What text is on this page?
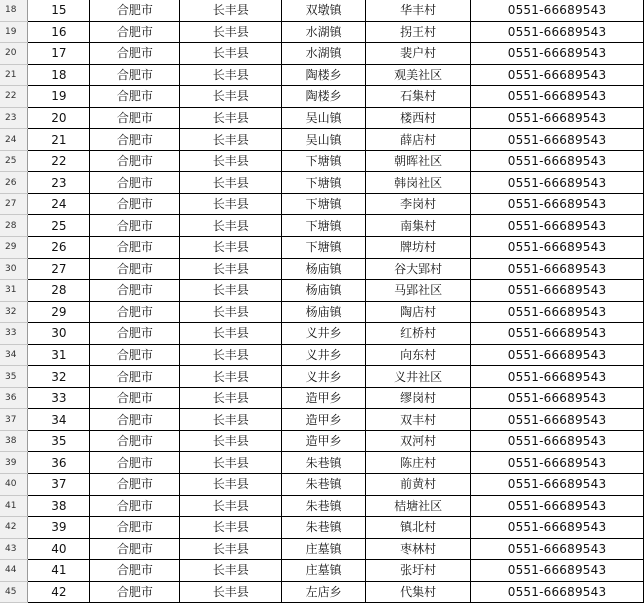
18	15	合肥市	长丰县	双墩镇	华丰村	0551-66689543
19	16	合肥市	长丰县	水湖镇	拐王村	0551-66689543
20	17	合肥市	长丰县	水湖镇	裴户村	0551-66689543
21	18	合肥市	长丰县	陶楼乡	观美社区	0551-66689543
22	19	合肥市	长丰县	陶楼乡	石集村	0551-66689543
23	20	合肥市	长丰县	吴山镇	楼西村	0551-66689543
24	21	合肥市	长丰县	吴山镇	薛店村	0551-66689543
25	22	合肥市	长丰县	下塘镇	朝晖社区	0551-66689543
26	23	合肥市	长丰县	下塘镇	韩岗社区	0551-66689543
27	24	合肥市	长丰县	下塘镇	李岗村	0551-66689543
28	25	合肥市	长丰县	下塘镇	南集村	0551-66689543
29	26	合肥市	长丰县	下塘镇	牌坊村	0551-66689543
30	27	合肥市	长丰县	杨庙镇	谷大郢村	0551-66689543
31	28	合肥市	长丰县	杨庙镇	马郢社区	0551-66689543
32	29	合肥市	长丰县	杨庙镇	陶店村	0551-66689543
33	30	合肥市	长丰县	义井乡	红桥村	0551-66689543
34	31	合肥市	长丰县	义井乡	向东村	0551-66689543
35	32	合肥市	长丰县	义井乡	义井社区	0551-66689543
36	33	合肥市	长丰县	造甲乡	缪岗村	0551-66689543
37	34	合肥市	长丰县	造甲乡	双丰村	0551-66689543
38	35	合肥市	长丰县	造甲乡	双河村	0551-66689543
39	36	合肥市	长丰县	朱巷镇	陈庄村	0551-66689543
40	37	合肥市	长丰县	朱巷镇	前黄村	0551-66689543
41	38	合肥市	长丰县	朱巷镇	桔塘社区	0551-66689543
42	39	合肥市	长丰县	朱巷镇	镇北村	0551-66689543
43	40	合肥市	长丰县	庄墓镇	枣林村	0551-66689543
44	41	合肥市	长丰县	庄墓镇	张圩村	0551-66689543
45	42	合肥市	长丰县	左店乡	代集村	0551-66689543
